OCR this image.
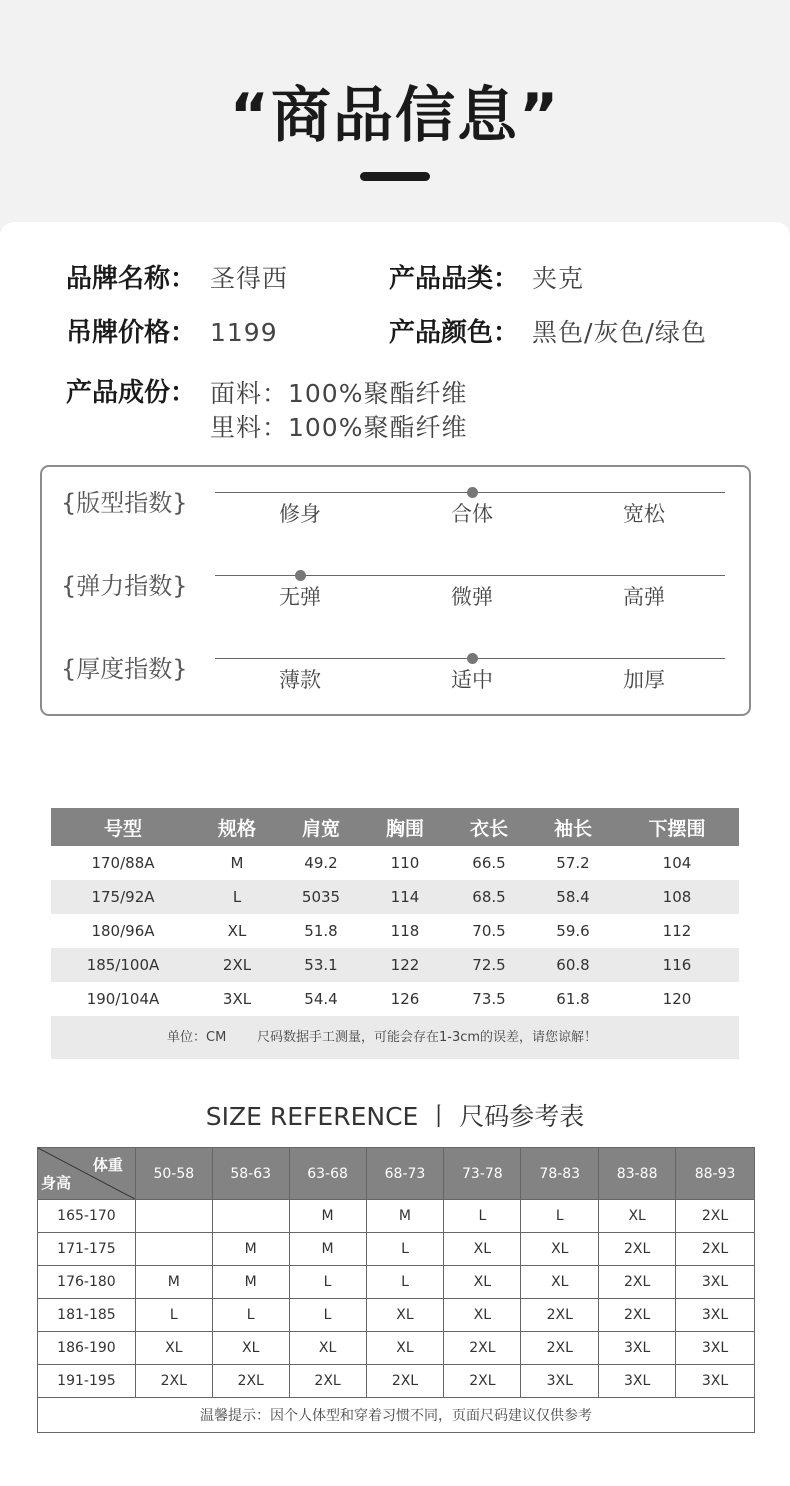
“商品信息”
品牌名称： 圣得西	产品品类： 夹克
吊牌价格： 1199	产品颜色： 黑色/灰色/绿色
产品成份： 面料：100%聚酯纤维
里料：100%聚酯纤维
{版型指数}	修身	合体	宽松
{弹力指数}	无弹	微弹	高弹
{厚度指数}	薄款	适中	加厚
号型	规格	肩宽	胸围	衣长	袖长	下摆围
170/88A	M	49.2	110	66.5	57.2	104
175/92A	L	5035	114	68.5	58.4	108
180/96A	XL	51.8	118	70.5	59.6	112
185/100A	2XL	53.1	122	72.5	60.8	116
190/104A	3XL	54.4	126	73.5	61.8	120
单位：CM 尺码数据手工测量，可能会存在1-3cm的误差，请您谅解！
SIZE REFERENCE 丨 尺码参考表
体重
身高	50-58	58-63	63-68	68-73	73-78	78-83	83-88	88-93
165-170			M	M	L	L	XL	2XL
171-175		M	M	L	XL	XL	2XL	2XL
176-180	M	M	L	L	XL	XL	2XL	3XL
181-185	L	L	L	XL	XL	2XL	2XL	3XL
186-190	XL	XL	XL	XL	2XL	2XL	3XL	3XL
191-195	2XL	2XL	2XL	2XL	2XL	3XL	3XL	3XL
温馨提示：因个人体型和穿着习惯不同，页面尺码建议仅供参考								
